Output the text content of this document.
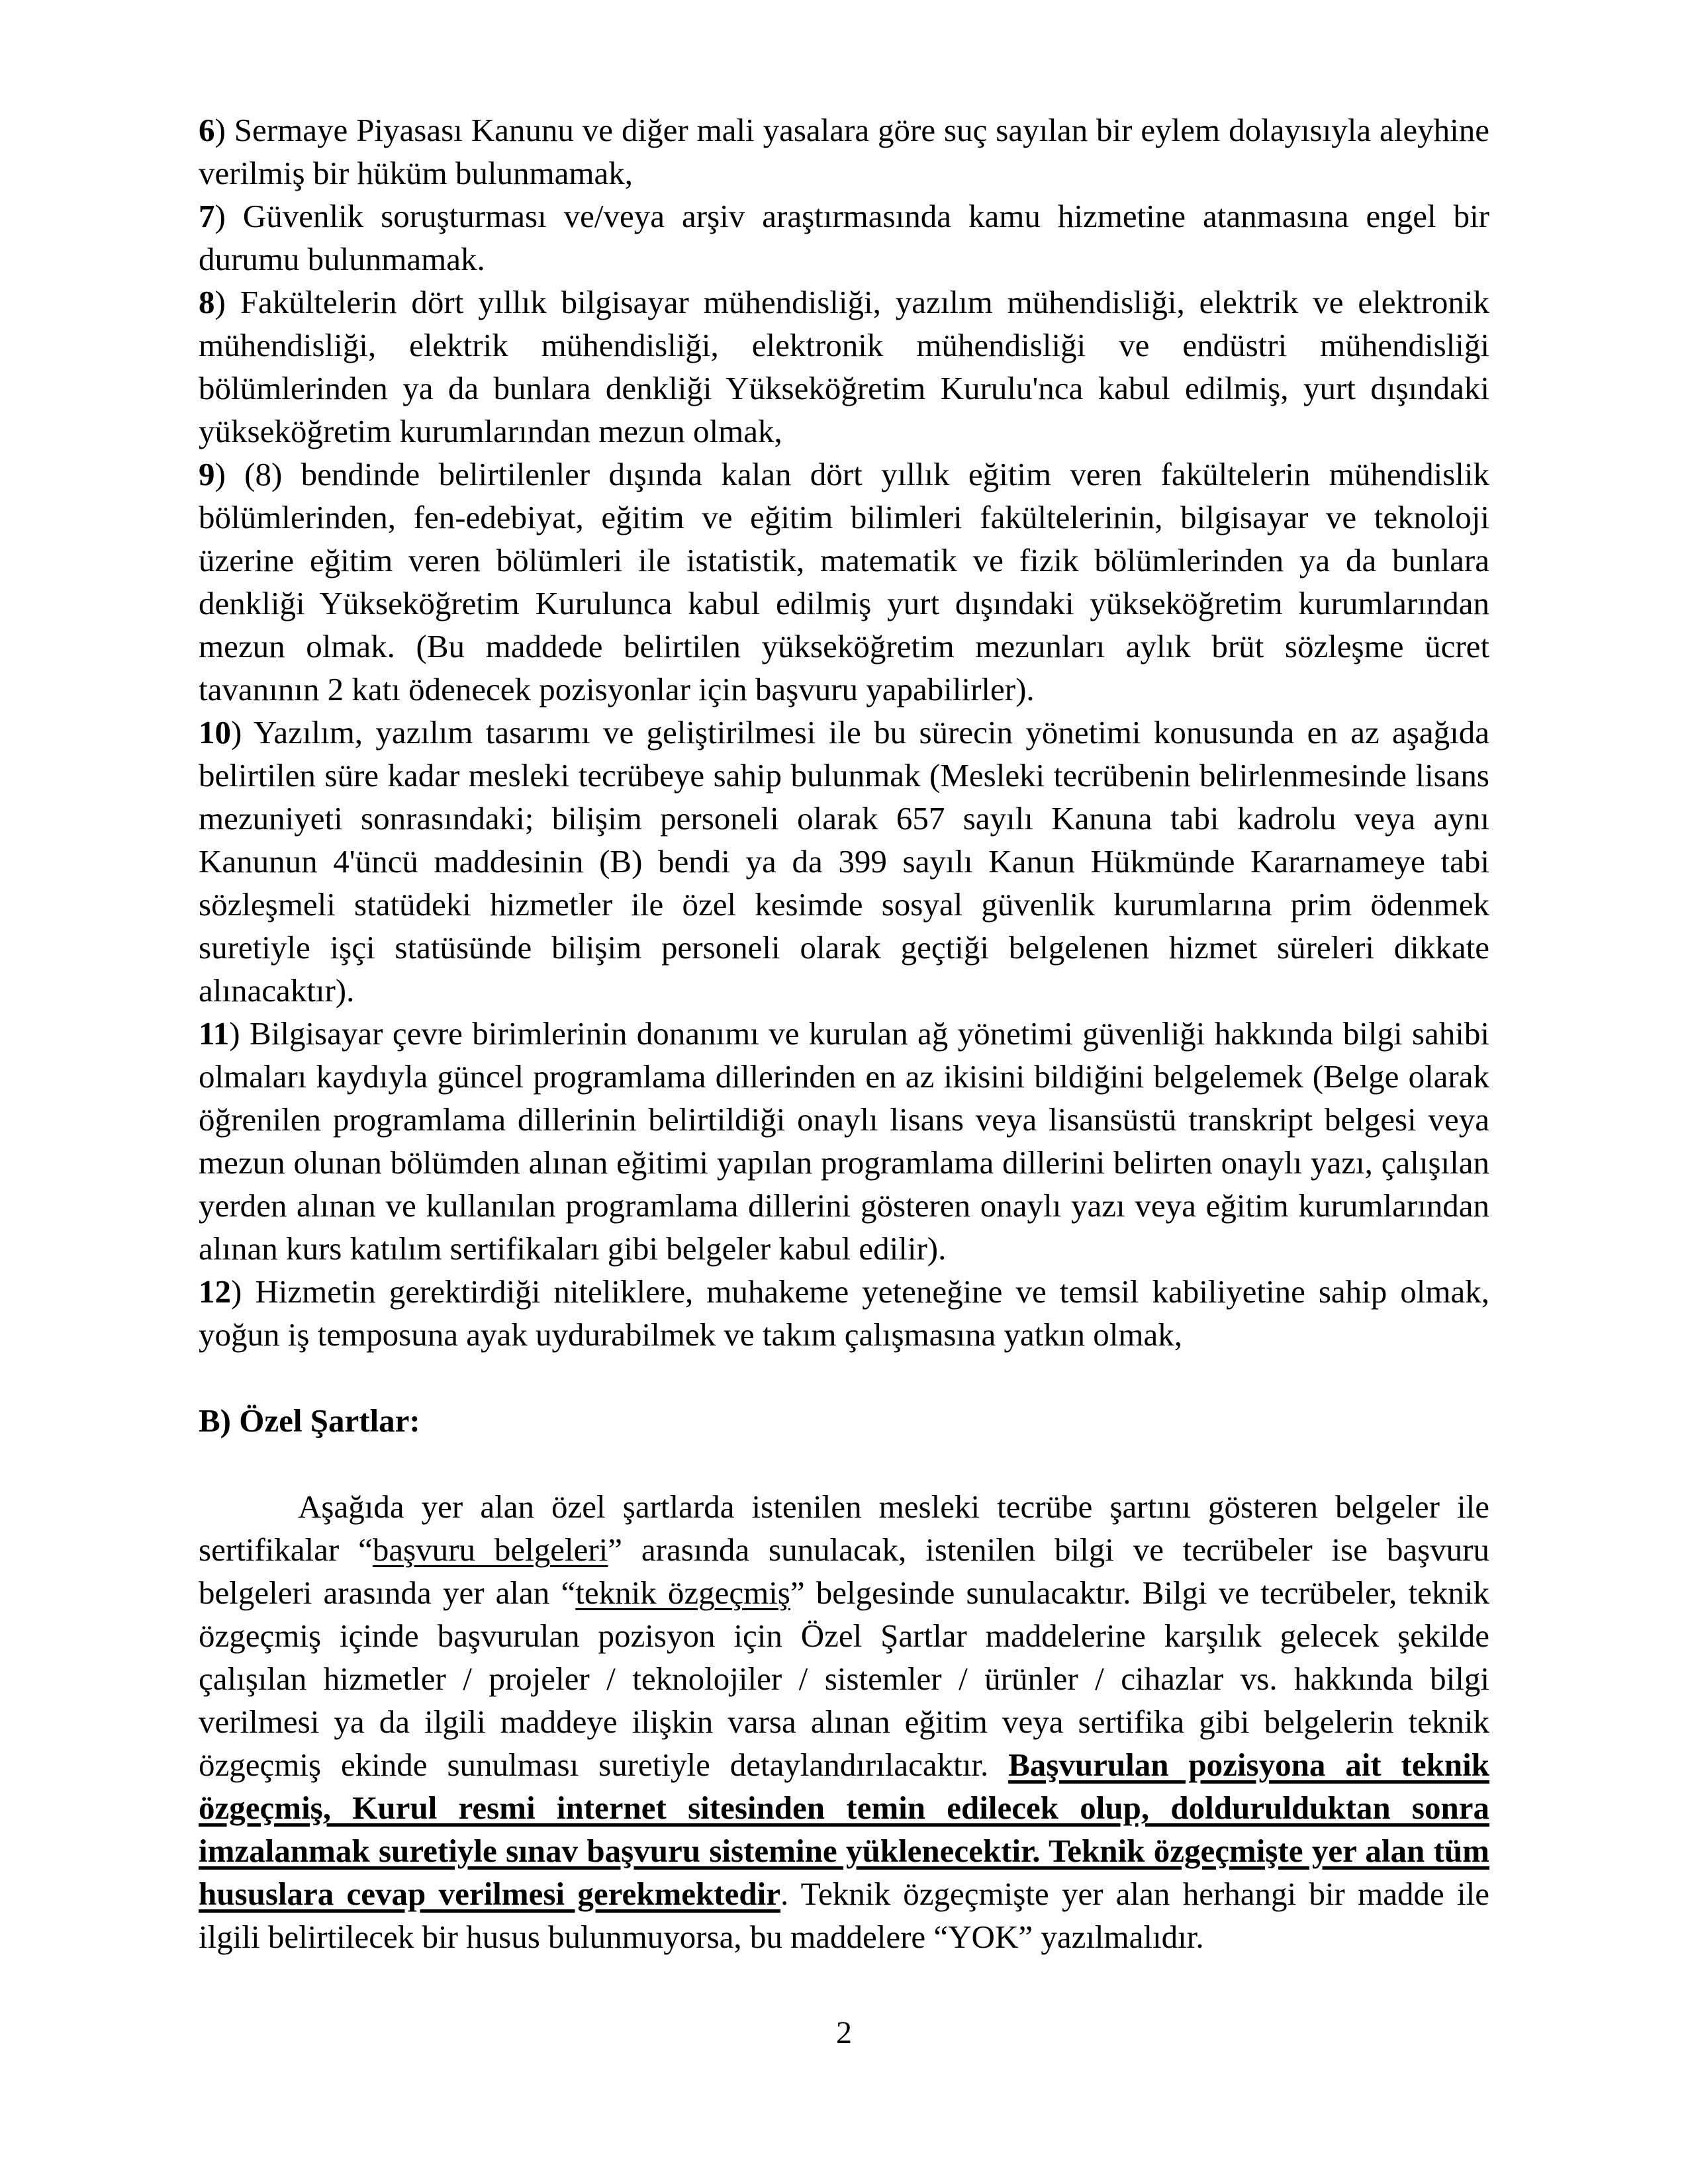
6) Sermaye Piyasası Kanunu ve diğer mali yasalara göre suç sayılan bir eylem dolayısıyla aleyhine verilmiş bir hüküm bulunmamak,

7) Güvenlik soruşturması ve/veya arşiv araştırmasında kamu hizmetine atanmasına engel bir durumu bulunmamak.

8) Fakültelerin dört yıllık bilgisayar mühendisliği, yazılım mühendisliği, elektrik ve elektronik mühendisliği, elektrik mühendisliği, elektronik mühendisliği ve endüstri mühendisliği bölümlerinden ya da bunlara denkliği Yükseköğretim Kurulu'nca kabul edilmiş, yurt dışındaki yükseköğretim kurumlarından mezun olmak,

9) (8) bendinde belirtilenler dışında kalan dört yıllık eğitim veren fakültelerin mühendislik bölümlerinden, fen-edebiyat, eğitim ve eğitim bilimleri fakültelerinin, bilgisayar ve teknoloji üzerine eğitim veren bölümleri ile istatistik, matematik ve fizik bölümlerinden ya da bunlara denkliği Yükseköğretim Kurulunca kabul edilmiş yurt dışındaki yükseköğretim kurumlarından mezun olmak. (Bu maddede belirtilen yükseköğretim mezunları aylık brüt sözleşme ücret tavanının 2 katı ödenecek pozisyonlar için başvuru yapabilirler).

10) Yazılım, yazılım tasarımı ve geliştirilmesi ile bu sürecin yönetimi konusunda en az aşağıda belirtilen süre kadar mesleki tecrübeye sahip bulunmak (Mesleki tecrübenin belirlenmesinde lisans mezuniyeti sonrasındaki; bilişim personeli olarak 657 sayılı Kanuna tabi kadrolu veya aynı Kanunun 4'üncü maddesinin (B) bendi ya da 399 sayılı Kanun Hükmünde Kararnameye tabi sözleşmeli statüdeki hizmetler ile özel kesimde sosyal güvenlik kurumlarına prim ödenmek suretiyle işçi statüsünde bilişim personeli olarak geçtiği belgelenen hizmet süreleri dikkate alınacaktır).

11) Bilgisayar çevre birimlerinin donanımı ve kurulan ağ yönetimi güvenliği hakkında bilgi sahibi olmaları kaydıyla güncel programlama dillerinden en az ikisini bildiğini belgelemek (Belge olarak öğrenilen programlama dillerinin belirtildiği onaylı lisans veya lisansüstü transkript belgesi veya mezun olunan bölümden alınan eğitimi yapılan programlama dillerini belirten onaylı yazı, çalışılan yerden alınan ve kullanılan programlama dillerini gösteren onaylı yazı veya eğitim kurumlarından alınan kurs katılım sertifikaları gibi belgeler kabul edilir).

12) Hizmetin gerektirdiği niteliklere, muhakeme yeteneğine ve temsil kabiliyetine sahip olmak, yoğun iş temposuna ayak uydurabilmek ve takım çalışmasına yatkın olmak,

B) Özel Şartlar:

Aşağıda yer alan özel şartlarda istenilen mesleki tecrübe şartını gösteren belgeler ile sertifikalar “başvuru belgeleri” arasında sunulacak, istenilen bilgi ve tecrübeler ise başvuru belgeleri arasında yer alan “teknik özgeçmiş” belgesinde sunulacaktır. Bilgi ve tecrübeler, teknik özgeçmiş içinde başvurulan pozisyon için Özel Şartlar maddelerine karşılık gelecek şekilde çalışılan hizmetler / projeler / teknolojiler / sistemler / ürünler / cihazlar vs. hakkında bilgi verilmesi ya da ilgili maddeye ilişkin varsa alınan eğitim veya sertifika gibi belgelerin teknik özgeçmiş ekinde sunulması suretiyle detaylandırılacaktır. Başvurulan pozisyona ait teknik özgeçmiş, Kurul resmi internet sitesinden temin edilecek olup, doldurulduktan sonra imzalanmak suretiyle sınav başvuru sistemine yüklenecektir. Teknik özgeçmişte yer alan tüm hususlara cevap verilmesi gerekmektedir. Teknik özgeçmişte yer alan herhangi bir madde ile ilgili belirtilecek bir husus bulunmuyorsa, bu maddelere “YOK” yazılmalıdır.

2
